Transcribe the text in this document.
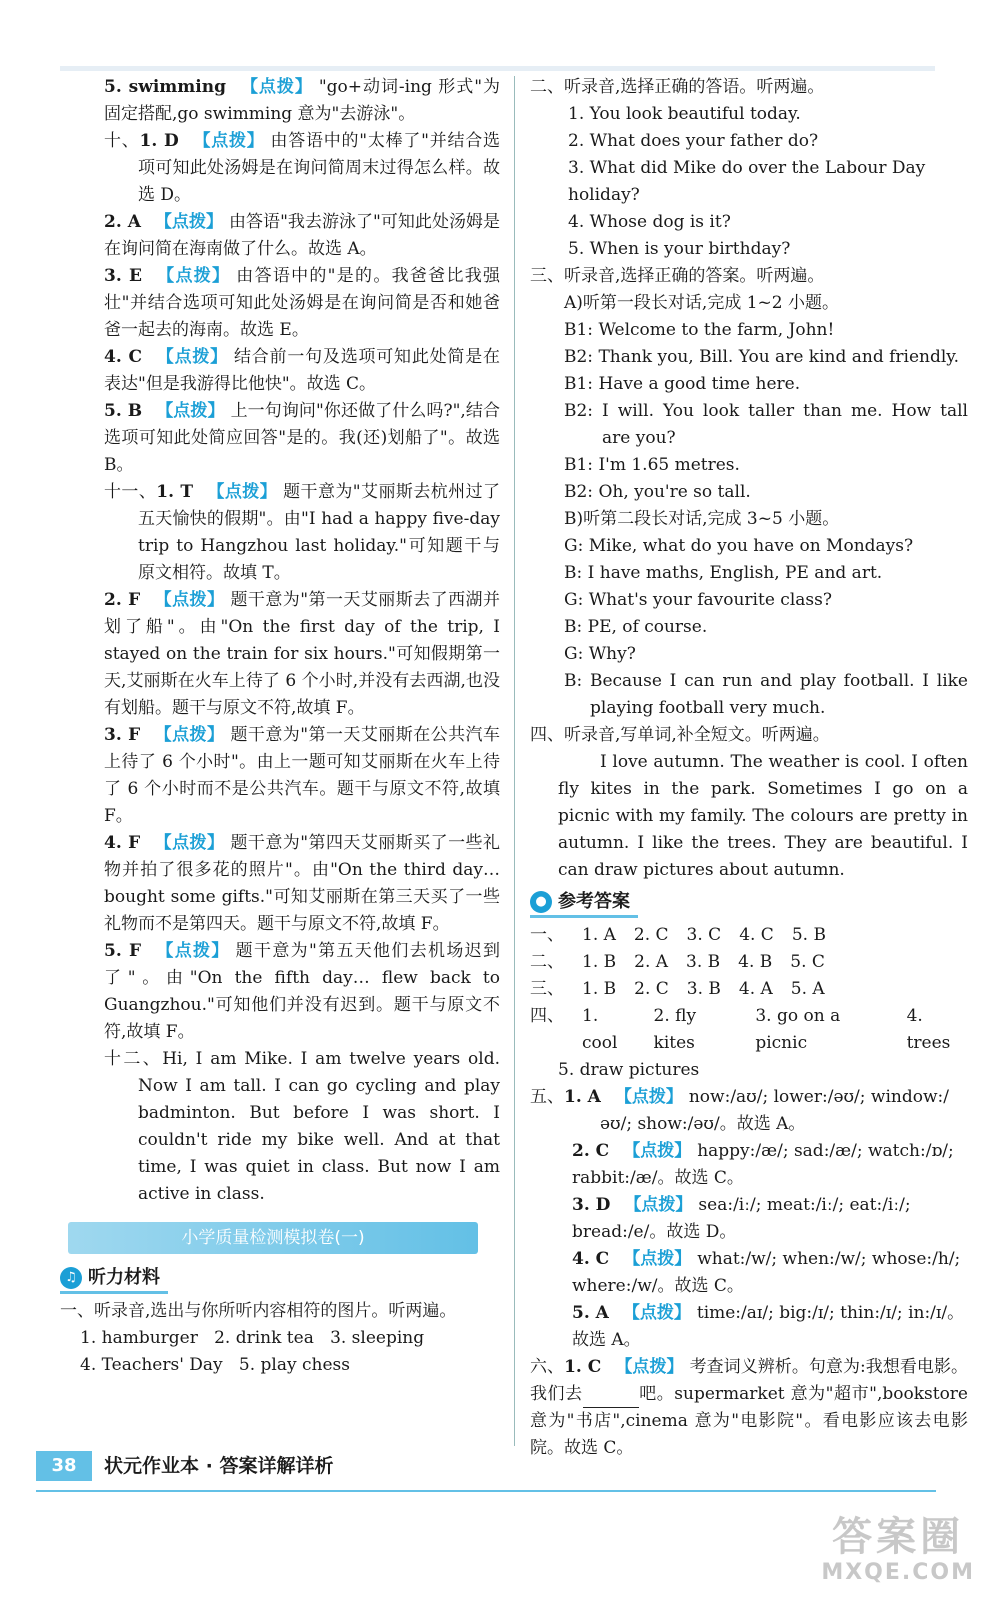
5. swimming 【点拨】 "go+动词-ing 形式"为固定搭配,go swimming 意为"去游泳"。

十、1. D 【点拨】 由答语中的"太棒了"并结合选项可知此处汤姆是在询问简周末过得怎么样。故选 D。

2. A 【点拨】 由答语"我去游泳了"可知此处汤姆是在询问简在海南做了什么。故选 A。

3. E 【点拨】 由答语中的"是的。我爸爸比我强壮"并结合选项可知此处汤姆是在询问简是否和她爸爸一起去的海南。故选 E。

4. C 【点拨】 结合前一句及选项可知此处简是在表达"但是我游得比他快"。故选 C。

5. B 【点拨】 上一句询问"你还做了什么吗?",结合选项可知此处简应回答"是的。我(还)划船了"。故选 B。

十一、1. T 【点拨】 题干意为"艾丽斯去杭州过了五天愉快的假期"。由"I had a happy five-day trip to Hangzhou last holiday."可知题干与原文相符。故填 T。

2. F 【点拨】 题干意为"第一天艾丽斯去了西湖并划了船"。由"On the first day of the trip, I stayed on the train for six hours."可知假期第一天,艾丽斯在火车上待了 6 个小时,并没有去西湖,也没有划船。题干与原文不符,故填 F。

3. F 【点拨】 题干意为"第一天艾丽斯在公共汽车上待了 6 个小时"。由上一题可知艾丽斯在火车上待了 6 个小时而不是公共汽车。题干与原文不符,故填 F。

4. F 【点拨】 题干意为"第四天艾丽斯买了一些礼物并拍了很多花的照片"。由"On the third day… bought some gifts."可知艾丽斯在第三天买了一些礼物而不是第四天。题干与原文不符,故填 F。

5. F 【点拨】 题干意为"第五天他们去机场迟到了"。由"On the fifth day… flew back to Guangzhou."可知他们并没有迟到。题干与原文不符,故填 F。

十二、Hi, I am Mike. I am twelve years old. Now I am tall. I can go cycling and play badminton. But before I was short. I couldn't ride my bike well. And at that time, I was quiet in class. But now I am active in class.

小学质量检测模拟卷(一)
♫ 听力材料

一、听录音,选出与你所听内容相符的图片。听两遍。

1. hamburger 2. drink tea 3. sleeping

4. Teachers' Day 5. play chess

二、听录音,选择正确的答语。听两遍。

1. You look beautiful today.

2. What does your father do?

3. What did Mike do over the Labour Day holiday?

4. Whose dog is it?

5. When is your birthday?

三、听录音,选择正确的答案。听两遍。

A)听第一段长对话,完成 1~2 小题。

B1: Welcome to the farm, John!

B2: Thank you, Bill. You are kind and friendly.

B1: Have a good time here.

B2: I will. You look taller than me. How tall are you?

B1: I'm 1.65 metres.

B2: Oh, you're so tall.

B)听第二段长对话,完成 3~5 小题。

G: Mike, what do you have on Mondays?

B: I have maths, English, PE and art.

G: What's your favourite class?

B: PE, of course.

G: Why?

B: Because I can run and play football. I like playing football very much.

四、听录音,写单词,补全短文。听两遍。

I love autumn. The weather is cool. I often fly kites in the park. Sometimes I go on a picnic with my family. The colours are pretty in autumn. I like the trees. They are beautiful. I can draw pictures about autumn.

● 参考答案
一、 1. A 2. C 3. C 4. C 5. B
二、 1. B 2. A 3. B 4. B 5. C
三、 1. B 2. C 3. B 4. A 5. A
四、 1. cool
2. fly kites
3. go on a picnic
4. trees

5. draw pictures

五、1. A 【点拨】 now:/aʊ/; lower:/əʊ/; window:/əʊ/; show:/əʊ/。故选 A。

2. C 【点拨】 happy:/æ/; sad:/æ/; watch:/ɒ/; rabbit:/æ/。故选 C。

3. D 【点拨】 sea:/iː/; meat:/iː/; eat:/iː/; bread:/e/。故选 D。

4. C 【点拨】 what:/w/; when:/w/; whose:/h/; where:/w/。故选 C。

5. A 【点拨】 time:/aɪ/; big:/ɪ/; thin:/ɪ/; in:/ɪ/。故选 A。

六、1. C 【点拨】 考查词义辨析。句意为:我想看电影。我们去	吧。supermarket 意为"超市",bookstore 意为"书店",cinema 意为"电影院"。看电影应该去电影院。故选 C。

38	状元作业本 · 答案详解详析
答案圈
MXQE.COM
